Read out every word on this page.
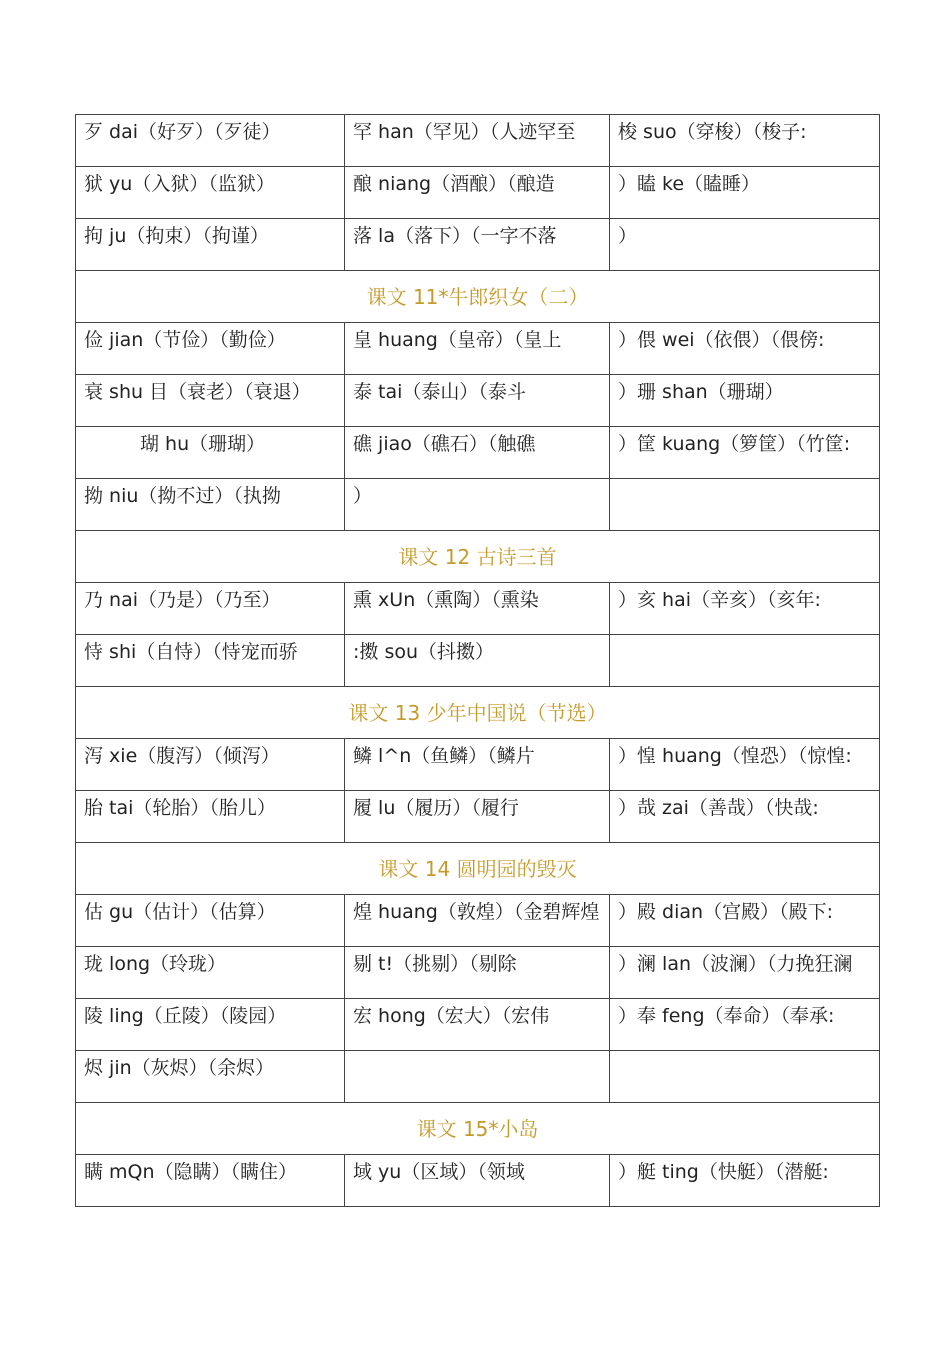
歹 dai（好歹）（歹徒）	罕 han（罕见）（人迹罕至	梭 suo（穿梭）（梭子:

狱 yu（入狱）（监狱）	酿 niang（酒酿）（酿造	）瞌 ke（瞌睡）

拘 ju（拘束）（拘谨）	落 la（落下）（一字不落	）

课文 11*牛郎织女（二）		

俭 jian（节俭）（勤俭）	皇 huang（皇帝）（皇上	）偎 wei（依偎）（偎傍:

衰 shu 目（衰老）（衰退）	泰 tai（泰山）（泰斗	）珊 shan（珊瑚）

瑚 hu（珊瑚）	礁 jiao（礁石）（触礁	）筐 kuang（箩筐）（竹筐:

拗 niu（拗不过）（执拗	）	

课文 12 古诗三首		

乃 nai（乃是）（乃至）	熏 xUn（熏陶）（熏染	）亥 hai（辛亥）（亥年:

恃 shi（自恃）（恃宠而骄	:擞 sou（抖擞）	

课文 13 少年中国说（节选）		

泻 xie（腹泻）（倾泻）	鳞 l^n（鱼鳞）（鳞片	）惶 huang（惶恐）（惊惶:

胎 tai（轮胎）（胎儿）	履 lu（履历）（履行	）哉 zai（善哉）（快哉:

课文 14 圆明园的毁灭		

估 gu（估计）（估算）	煌 huang（敦煌）（金碧辉煌	）殿 dian（宫殿）（殿下:

珑 long（玲珑）	剔 t!（挑剔）（剔除	）澜 lan（波澜）（力挽狂澜

陵 ling（丘陵）（陵园）	宏 hong（宏大）（宏伟	）奉 feng（奉命）（奉承:

烬 jin（灰烬）（余烬）		

课文 15*小岛		

瞒 mQn（隐瞒）（瞒住）	域 yu（区域）（领域	）艇 ting（快艇）（潜艇:
